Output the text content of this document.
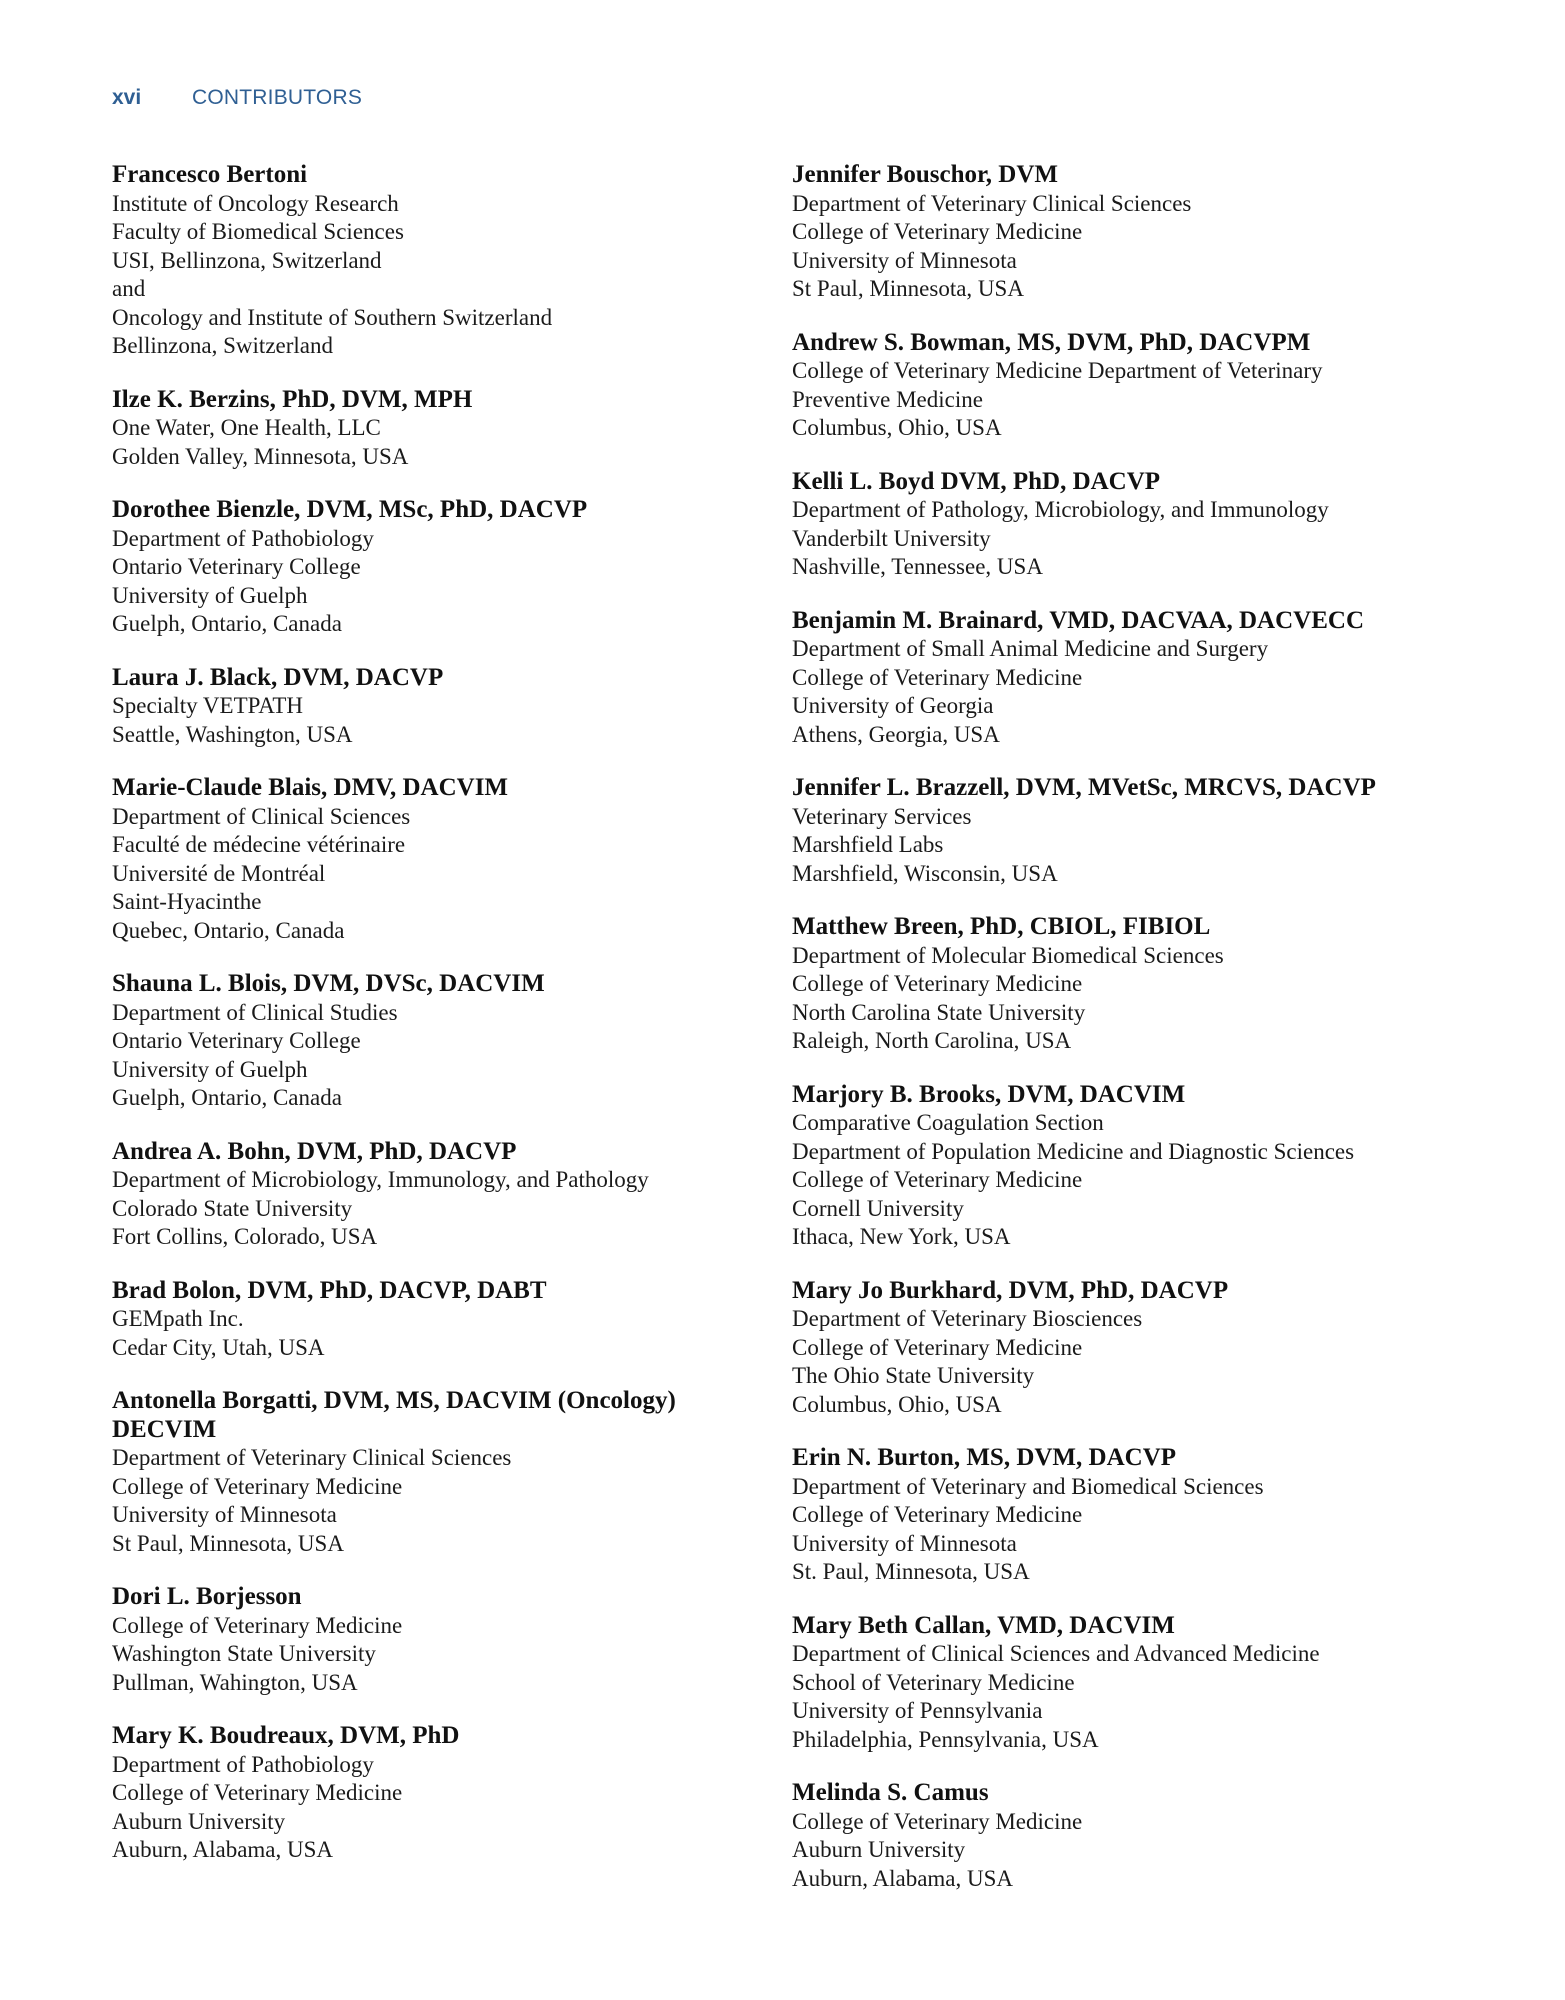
xvi	CONTRIBUTORS
Francesco Bertoni
Institute of Oncology Research
Faculty of Biomedical Sciences
USI, Bellinzona, Switzerland
and
Oncology and Institute of Southern Switzerland
Bellinzona, Switzerland
Ilze K. Berzins, PhD, DVM, MPH
One Water, One Health, LLC
Golden Valley, Minnesota, USA
Dorothee Bienzle, DVM, MSc, PhD, DACVP
Department of Pathobiology
Ontario Veterinary College
University of Guelph
Guelph, Ontario, Canada
Laura J. Black, DVM, DACVP
Specialty VETPATH
Seattle, Washington, USA
Marie-Claude Blais, DMV, DACVIM
Department of Clinical Sciences
Faculté de médecine vétérinaire
Université de Montréal
Saint-Hyacinthe
Quebec, Ontario, Canada
Shauna L. Blois, DVM, DVSc, DACVIM
Department of Clinical Studies
Ontario Veterinary College
University of Guelph
Guelph, Ontario, Canada
Andrea A. Bohn, DVM, PhD, DACVP
Department of Microbiology, Immunology, and Pathology
Colorado State University
Fort Collins, Colorado, USA
Brad Bolon, DVM, PhD, DACVP, DABT
GEMpath Inc.
Cedar City, Utah, USA
Antonella Borgatti, DVM, MS, DACVIM (Oncology) DECVIM
Department of Veterinary Clinical Sciences
College of Veterinary Medicine
University of Minnesota
St Paul, Minnesota, USA
Dori L. Borjesson
College of Veterinary Medicine
Washington State University
Pullman, Wahington, USA
Mary K. Boudreaux, DVM, PhD
Department of Pathobiology
College of Veterinary Medicine
Auburn University
Auburn, Alabama, USA
Jennifer Bouschor, DVM
Department of Veterinary Clinical Sciences
College of Veterinary Medicine
University of Minnesota
St Paul, Minnesota, USA
Andrew S. Bowman, MS, DVM, PhD, DACVPM
College of Veterinary Medicine Department of Veterinary
Preventive Medicine
Columbus, Ohio, USA
Kelli L. Boyd DVM, PhD, DACVP
Department of Pathology, Microbiology, and Immunology
Vanderbilt University
Nashville, Tennessee, USA
Benjamin M. Brainard, VMD, DACVAA, DACVECC
Department of Small Animal Medicine and Surgery
College of Veterinary Medicine
University of Georgia
Athens, Georgia, USA
Jennifer L. Brazzell, DVM, MVetSc, MRCVS, DACVP
Veterinary Services
Marshfield Labs
Marshfield, Wisconsin, USA
Matthew Breen, PhD, CBIOL, FIBIOL
Department of Molecular Biomedical Sciences
College of Veterinary Medicine
North Carolina State University
Raleigh, North Carolina, USA
Marjory B. Brooks, DVM, DACVIM
Comparative Coagulation Section
Department of Population Medicine and Diagnostic Sciences
College of Veterinary Medicine
Cornell University
Ithaca, New York, USA
Mary Jo Burkhard, DVM, PhD, DACVP
Department of Veterinary Biosciences
College of Veterinary Medicine
The Ohio State University
Columbus, Ohio, USA
Erin N. Burton, MS, DVM, DACVP
Department of Veterinary and Biomedical Sciences
College of Veterinary Medicine
University of Minnesota
St. Paul, Minnesota, USA
Mary Beth Callan, VMD, DACVIM
Department of Clinical Sciences and Advanced Medicine
School of Veterinary Medicine
University of Pennsylvania
Philadelphia, Pennsylvania, USA
Melinda S. Camus
College of Veterinary Medicine
Auburn University
Auburn, Alabama, USA
